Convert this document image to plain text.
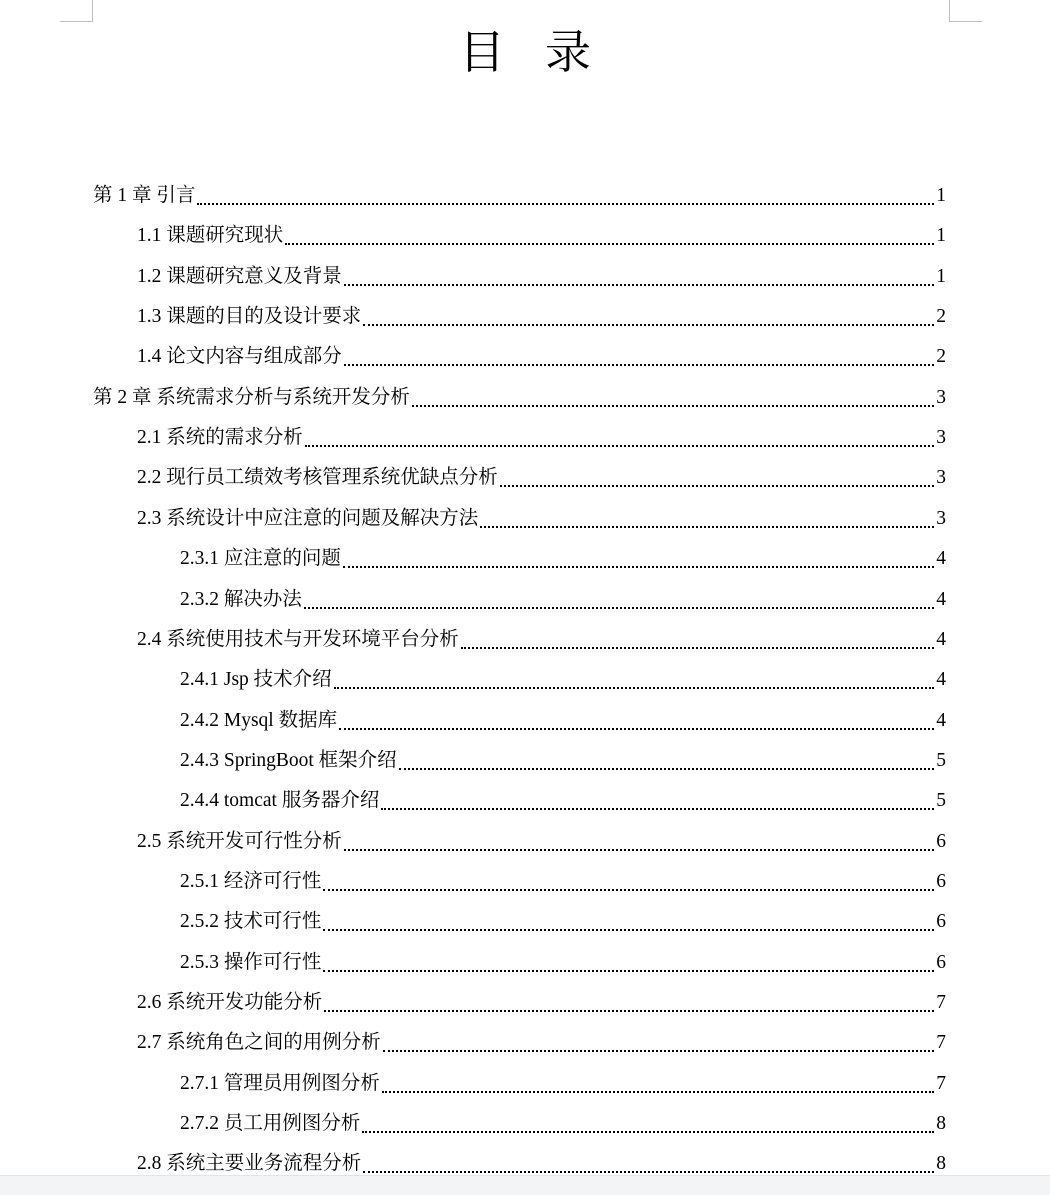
目录
第 1 章 引言	1
1.1 课题研究现状	1
1.2 课题研究意义及背景	1
1.3 课题的目的及设计要求	2
1.4 论文内容与组成部分	2
第 2 章 系统需求分析与系统开发分析	3
2.1 系统的需求分析	3
2.2 现行员工绩效考核管理系统优缺点分析	3
2.3 系统设计中应注意的问题及解决方法	3
2.3.1 应注意的问题	4
2.3.2 解决办法	4
2.4 系统使用技术与开发环境平台分析	4
2.4.1 Jsp 技术介绍	4
2.4.2 Mysql 数据库	4
2.4.3 SpringBoot 框架介绍	5
2.4.4 tomcat 服务器介绍	5
2.5 系统开发可行性分析	6
2.5.1 经济可行性	6
2.5.2 技术可行性	6
2.5.3 操作可行性	6
2.6 系统开发功能分析	7
2.7 系统角色之间的用例分析	7
2.7.1 管理员用例图分析	7
2.7.2 员工用例图分析	8
2.8 系统主要业务流程分析	8
